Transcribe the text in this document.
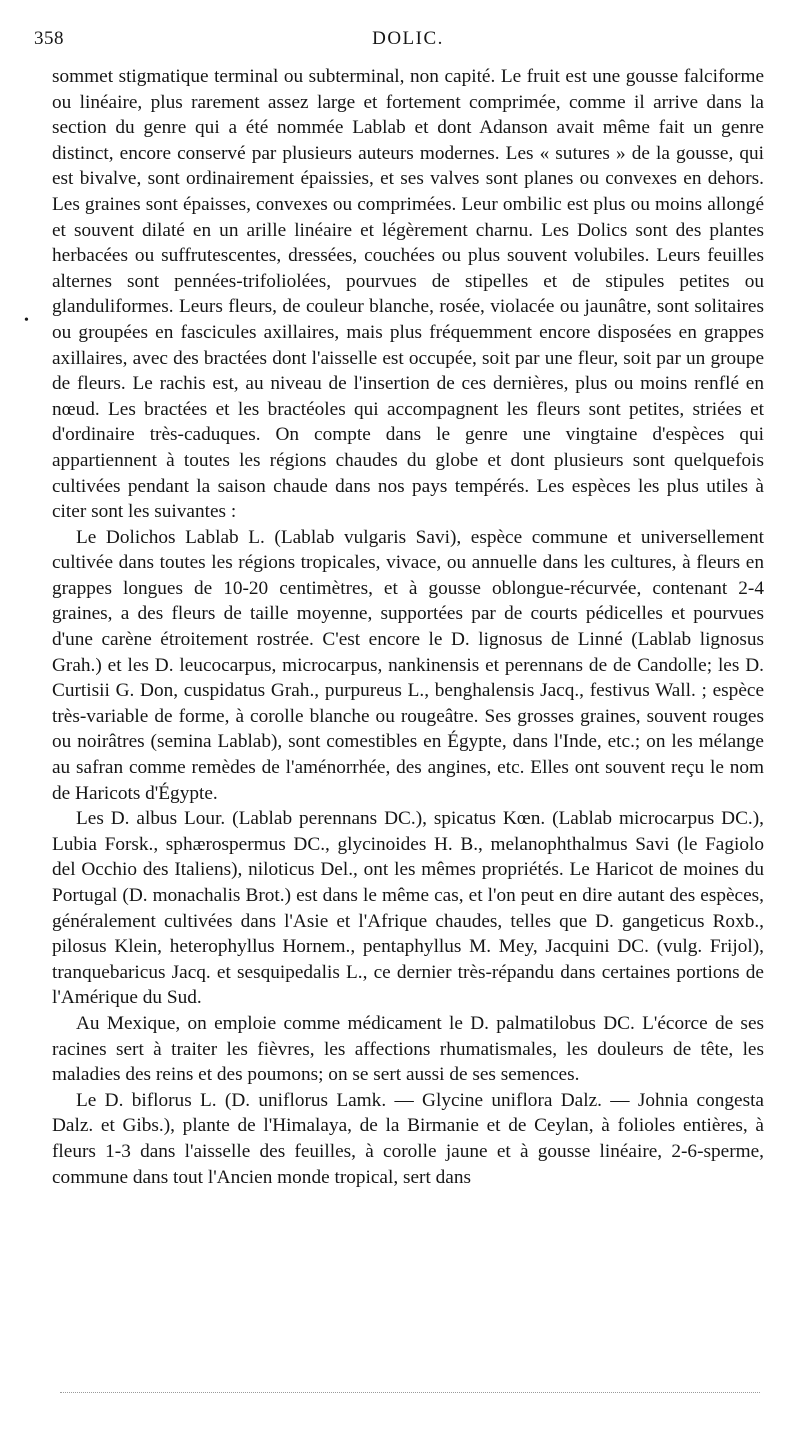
358	DOLIC.

sommet stigmatique terminal ou subterminal, non capité. Le fruit est une gousse falciforme ou linéaire, plus rarement assez large et fortement comprimée, comme il arrive dans la section du genre qui a été nommée Lablab et dont Adanson avait même fait un genre distinct, encore conservé par plusieurs auteurs modernes. Les « sutures » de la gousse, qui est bivalve, sont ordinairement épaissies, et ses valves sont planes ou convexes en dehors. Les graines sont épaisses, convexes ou comprimées. Leur ombilic est plus ou moins allongé et souvent dilaté en un arille linéaire et légèrement charnu. Les Dolics sont des plantes herbacées ou suffrutescentes, dressées, couchées ou plus souvent volubiles. Leurs feuilles alternes sont pennées-trifoliolées, pourvues de stipelles et de stipules petites ou glanduliformes. Leurs fleurs, de couleur blanche, rosée, violacée ou jaunâtre, sont solitaires ou groupées en fascicules axillaires, mais plus fréquemment encore disposées en grappes axillaires, avec des bractées dont l'aisselle est occupée, soit par une fleur, soit par un groupe de fleurs. Le rachis est, au niveau de l'insertion de ces dernières, plus ou moins renflé en nœud. Les bractées et les bractéoles qui accompagnent les fleurs sont petites, striées et d'ordinaire très-caduques. On compte dans le genre une vingtaine d'espèces qui appartiennent à toutes les régions chaudes du globe et dont plusieurs sont quelquefois cultivées pendant la saison chaude dans nos pays tempérés. Les espèces les plus utiles à citer sont les suivantes :

Le Dolichos Lablab L. (Lablab vulgaris Savi), espèce commune et universellement cultivée dans toutes les régions tropicales, vivace, ou annuelle dans les cultures, à fleurs en grappes longues de 10-20 centimètres, et à gousse oblongue-récurvée, contenant 2-4 graines, a des fleurs de taille moyenne, supportées par de courts pédicelles et pourvues d'une carène étroitement rostrée. C'est encore le D. lignosus de Linné (Lablab lignosus Grah.) et les D. leucocarpus, microcarpus, nankinensis et perennans de de Candolle; les D. Curtisii G. Don, cuspidatus Grah., purpureus L., benghalensis Jacq., festivus Wall. ; espèce très-variable de forme, à corolle blanche ou rougeâtre. Ses grosses graines, souvent rouges ou noirâtres (semina Lablab), sont comestibles en Égypte, dans l'Inde, etc.; on les mélange au safran comme remèdes de l'aménorrhée, des angines, etc. Elles ont souvent reçu le nom de Haricots d'Égypte.

Les D. albus Lour. (Lablab perennans DC.), spicatus Kœn. (Lablab microcarpus DC.), Lubia Forsk., sphærospermus DC., glycinoides H. B., melanophthalmus Savi (le Fagiolo del Occhio des Italiens), niloticus Del., ont les mêmes propriétés. Le Haricot de moines du Portugal (D. monachalis Brot.) est dans le même cas, et l'on peut en dire autant des espèces, généralement cultivées dans l'Asie et l'Afrique chaudes, telles que D. gangeticus Roxb., pilosus Klein, heterophyllus Hornem., pentaphyllus M. Mey, Jacquini DC. (vulg. Frijol), tranquebaricus Jacq. et sesquipedalis L., ce dernier très-répandu dans certaines portions de l'Amérique du Sud.

Au Mexique, on emploie comme médicament le D. palmatilobus DC. L'écorce de ses racines sert à traiter les fièvres, les affections rhumatismales, les douleurs de tête, les maladies des reins et des poumons; on se sert aussi de ses semences.

Le D. biflorus L. (D. uniflorus Lamk. — Glycine uniflora Dalz. — Johnia congesta Dalz. et Gibs.), plante de l'Himalaya, de la Birmanie et de Ceylan, à folioles entières, à fleurs 1-3 dans l'aisselle des feuilles, à corolle jaune et à gousse linéaire, 2-6-sperme, commune dans tout l'Ancien monde tropical, sert dans

•
